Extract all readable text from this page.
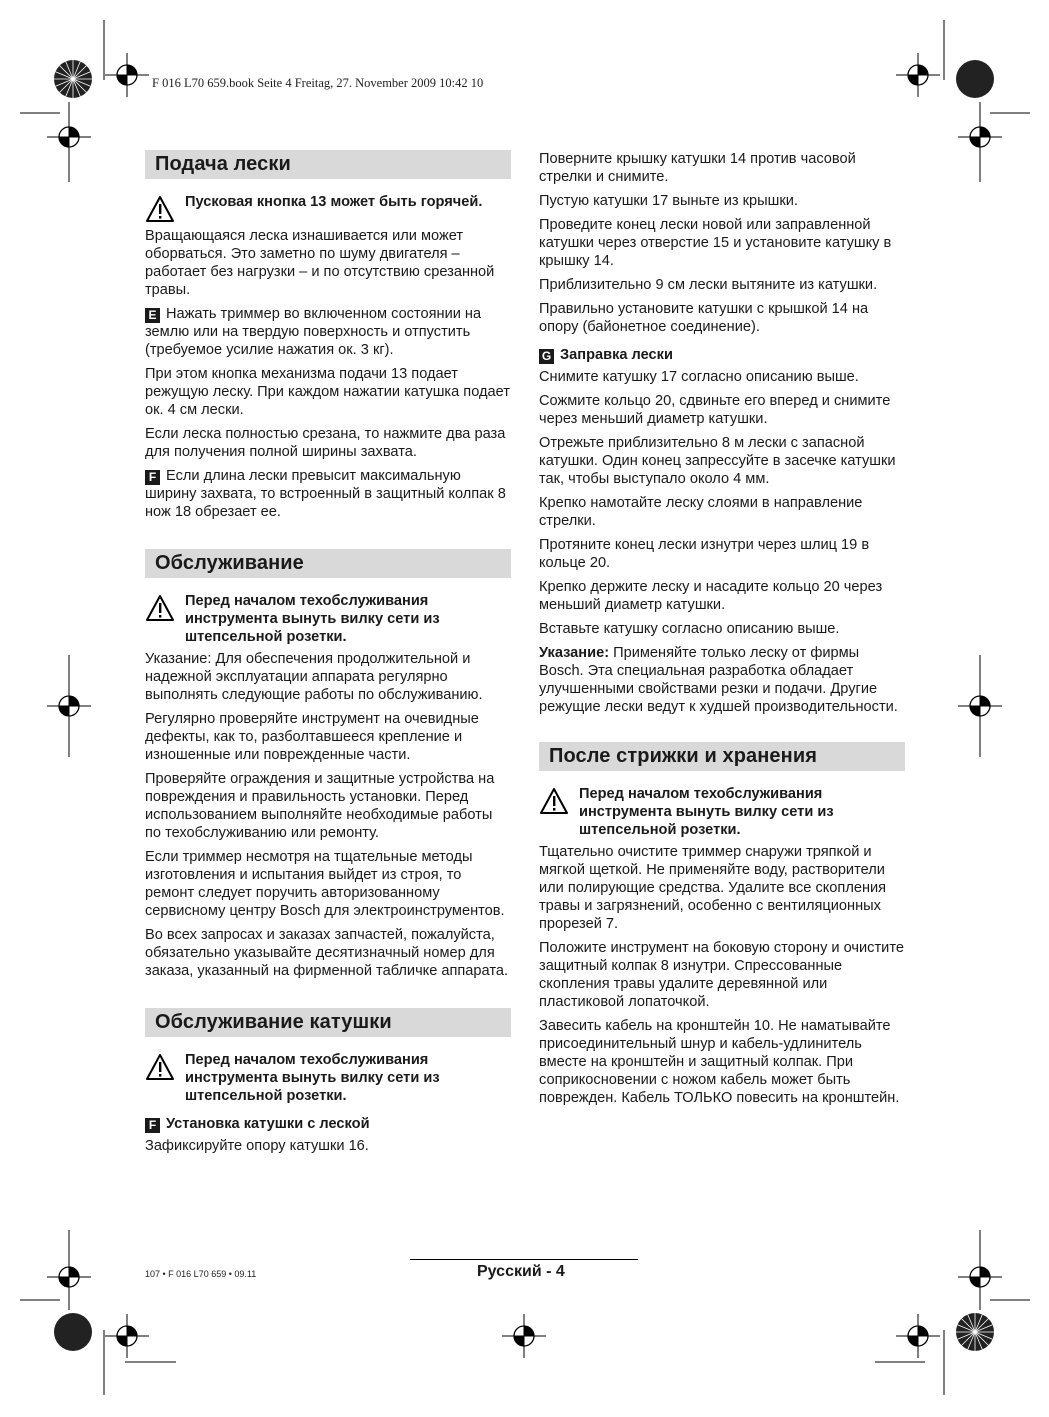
F 016 L70 659.book Seite 4 Freitag, 27. November 2009 10:42 10
Подача лески
Пусковая кнопка 13 может быть горячей.

Вращающаяся леска изнашивается или может оборваться. Это заметно по шуму двигателя – работает без нагрузки – и по отсутствию срезанной травы.

E Нажать триммер во включенном состоянии на землю или на твердую поверхность и отпустить (требуемое усилие нажатия ок. 3 кг).

При этом кнопка механизма подачи 13 подает режущую леску. При каждом нажатии катушка подает ок. 4 см лески.

Если леска полностью срезана, то нажмите два раза для получения полной ширины захвата.

F Если длина лески превысит максимальную ширину захвата, то встроенный в защитный колпак 8 нож 18 обрезает ее.

Обслуживание
Перед началом техобслуживания инструмента вынуть вилку сети из штепсельной розетки.

Указание: Для обеспечения продолжительной и надежной эксплуатации аппарата регулярно выполнять следующие работы по обслуживанию.

Регулярно проверяйте инструмент на очевидные дефекты, как то, разболтавшееся крепление и изношенные или поврежденные части.

Проверяйте ограждения и защитные устройства на повреждения и правильность установки. Перед использованием выполняйте необходимые работы по техобслуживанию или ремонту.

Если триммер несмотря на тщательные методы изготовления и испытания выйдет из строя, то ремонт следует поручить авторизованному сервисному центру Bosch для электроинструментов.

Во всех запросах и заказах запчастей, пожалуйста, обязательно указывайте десятизначный номер для заказа, указанный на фирменной табличке аппарата.

Обслуживание катушки
Перед началом техобслуживания инструмента вынуть вилку сети из штепсельной розетки.
F Установка катушки с леской

Зафиксируйте опору катушки 16.

Поверните крышку катушки 14 против часовой стрелки и снимите.

Пустую катушки 17 выньте из крышки.

Проведите конец лески новой или заправленной катушки через отверстие 15 и установите катушку в крышку 14.

Приблизительно 9 см лески вытяните из катушки.

Правильно установите катушки с крышкой 14 на опору (байонетное соединение).

G Заправка лески

Снимите катушку 17 согласно описанию выше.

Сожмите кольцо 20, сдвиньте его вперед и снимите через меньший диаметр катушки.

Отрежьте приблизительно 8 м лески с запасной катушки. Один конец запрессуйте в засечке катушки так, чтобы выступало около 4 мм.

Крепко намотайте леску слоями в направление стрелки.

Протяните конец лески изнутри через шлиц 19 в кольце 20.

Крепко держите леску и насадите кольцо 20 через меньший диаметр катушки.

Вставьте катушку согласно описанию выше.

Указание: Применяйте только леску от фирмы Bosch. Эта специальная разработка обладает улучшенными свойствами резки и подачи. Другие режущие лески ведут к худшей производительности.

После стрижки и хранения
Перед началом техобслуживания инструмента вынуть вилку сети из штепсельной розетки.

Тщательно очистите триммер снаружи тряпкой и мягкой щеткой. Не применяйте воду, растворители или полирующие средства. Удалите все скопления травы и загрязнений, особенно с вентиляционных прорезей 7.

Положите инструмент на боковую сторону и очистите защитный колпак 8 изнутри. Спрессованные скопления травы удалите деревянной или пластиковой лопаточкой.

Завесить кабель на кронштейн 10. Не наматывайте присоединительный шнур и кабель-удлинитель вместе на кронштейн и защитный колпак. При соприкосновении с ножом кабель может быть поврежден. Кабель ТОЛЬКО повесить на кронштейн.

107 • F 016 L70 659 • 09.11	Русский - 4
